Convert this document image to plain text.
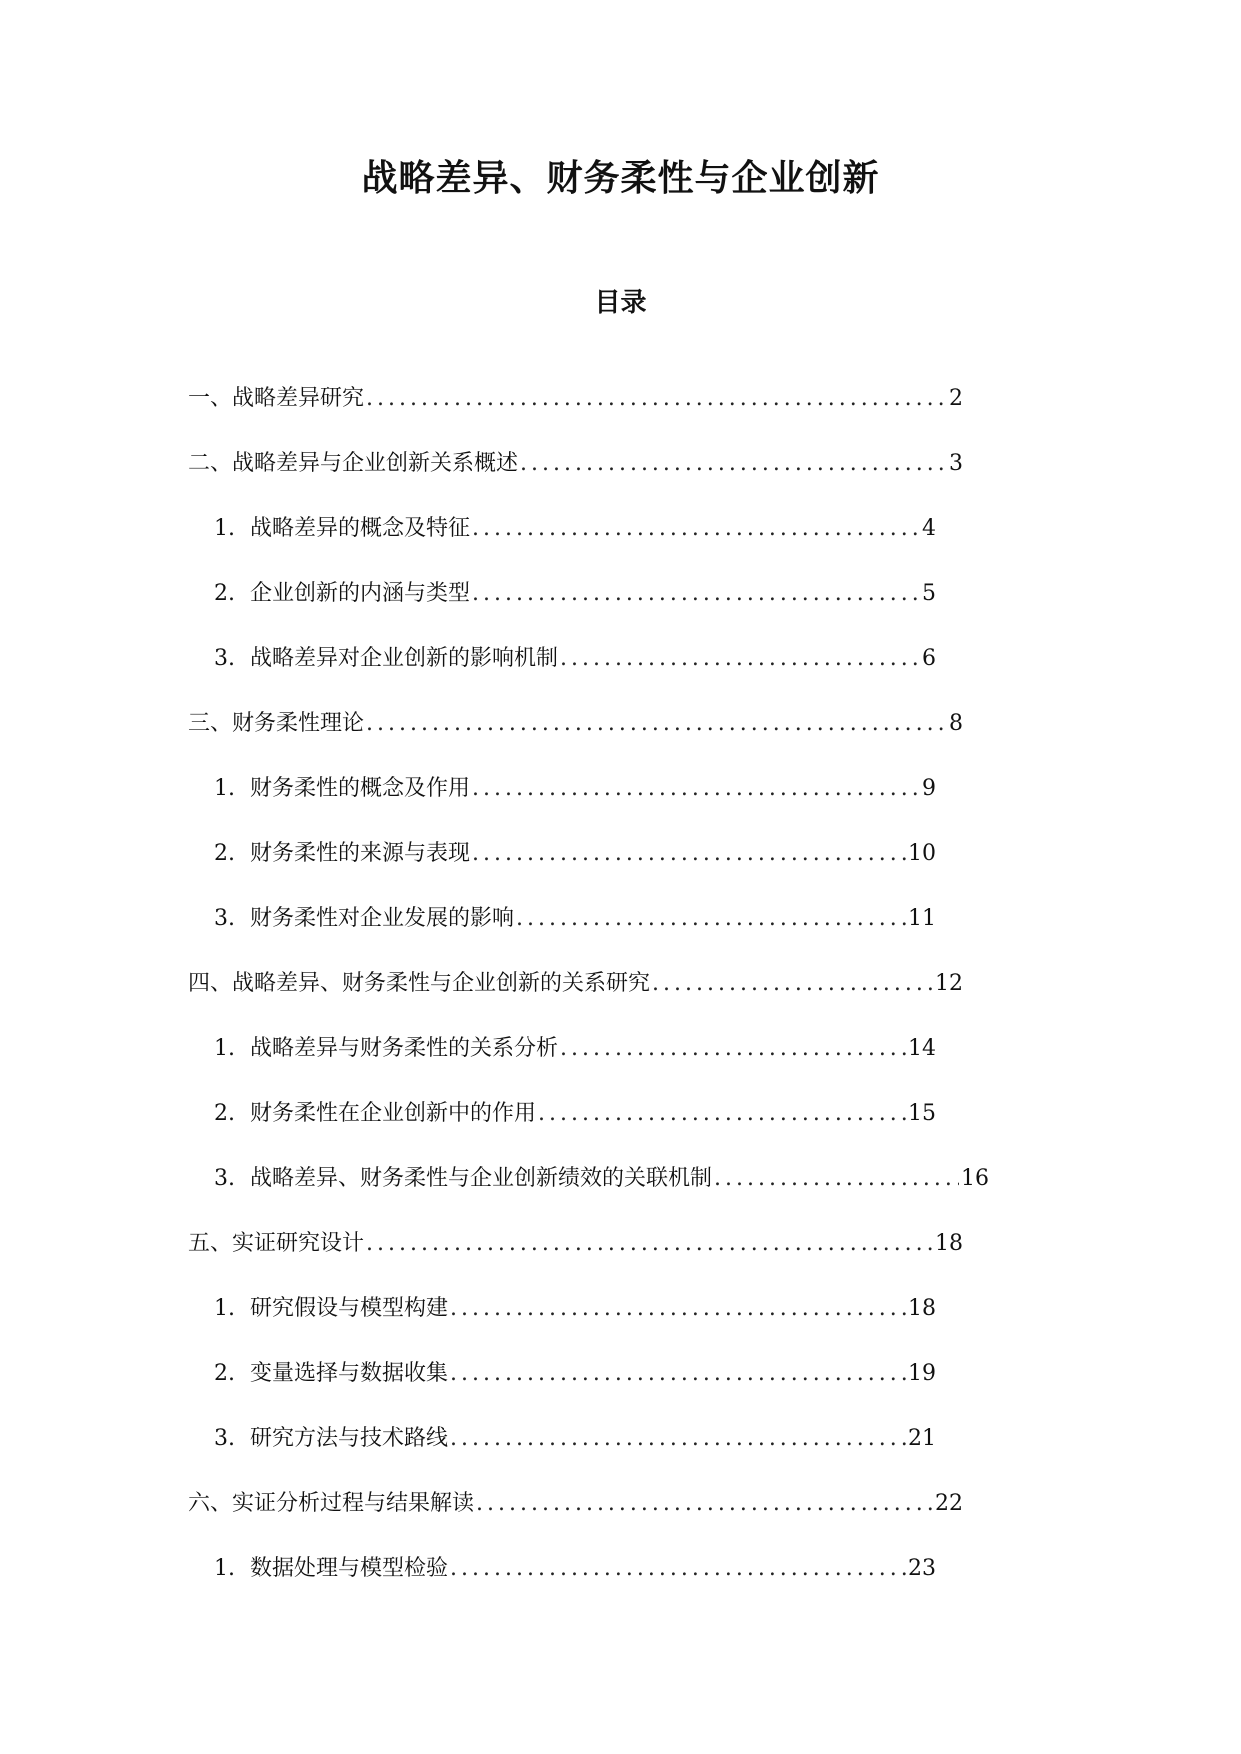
战略差异、财务柔性与企业创新
目录
一、战略差异研究 .....	2
二、战略差异与企业创新关系概述 .....	3
1. 战略差异的概念及特征 .....	4
2. 企业创新的内涵与类型 .....	5
3. 战略差异对企业创新的影响机制 .....	6
三、财务柔性理论 .....	8
1. 财务柔性的概念及作用 .....	9
2. 财务柔性的来源与表现 .....	10
3. 财务柔性对企业发展的影响 .....	11
四、战略差异、财务柔性与企业创新的关系研究 .....	12
1. 战略差异与财务柔性的关系分析 .....	14
2. 财务柔性在企业创新中的作用 .....	15
3. 战略差异、财务柔性与企业创新绩效的关联机制 .....	16
五、实证研究设计 .....	18
1. 研究假设与模型构建 .....	18
2. 变量选择与数据收集 .....	19
3. 研究方法与技术路线 .....	21
六、实证分析过程与结果解读 .....	22
1. 数据处理与模型检验 .....	23
